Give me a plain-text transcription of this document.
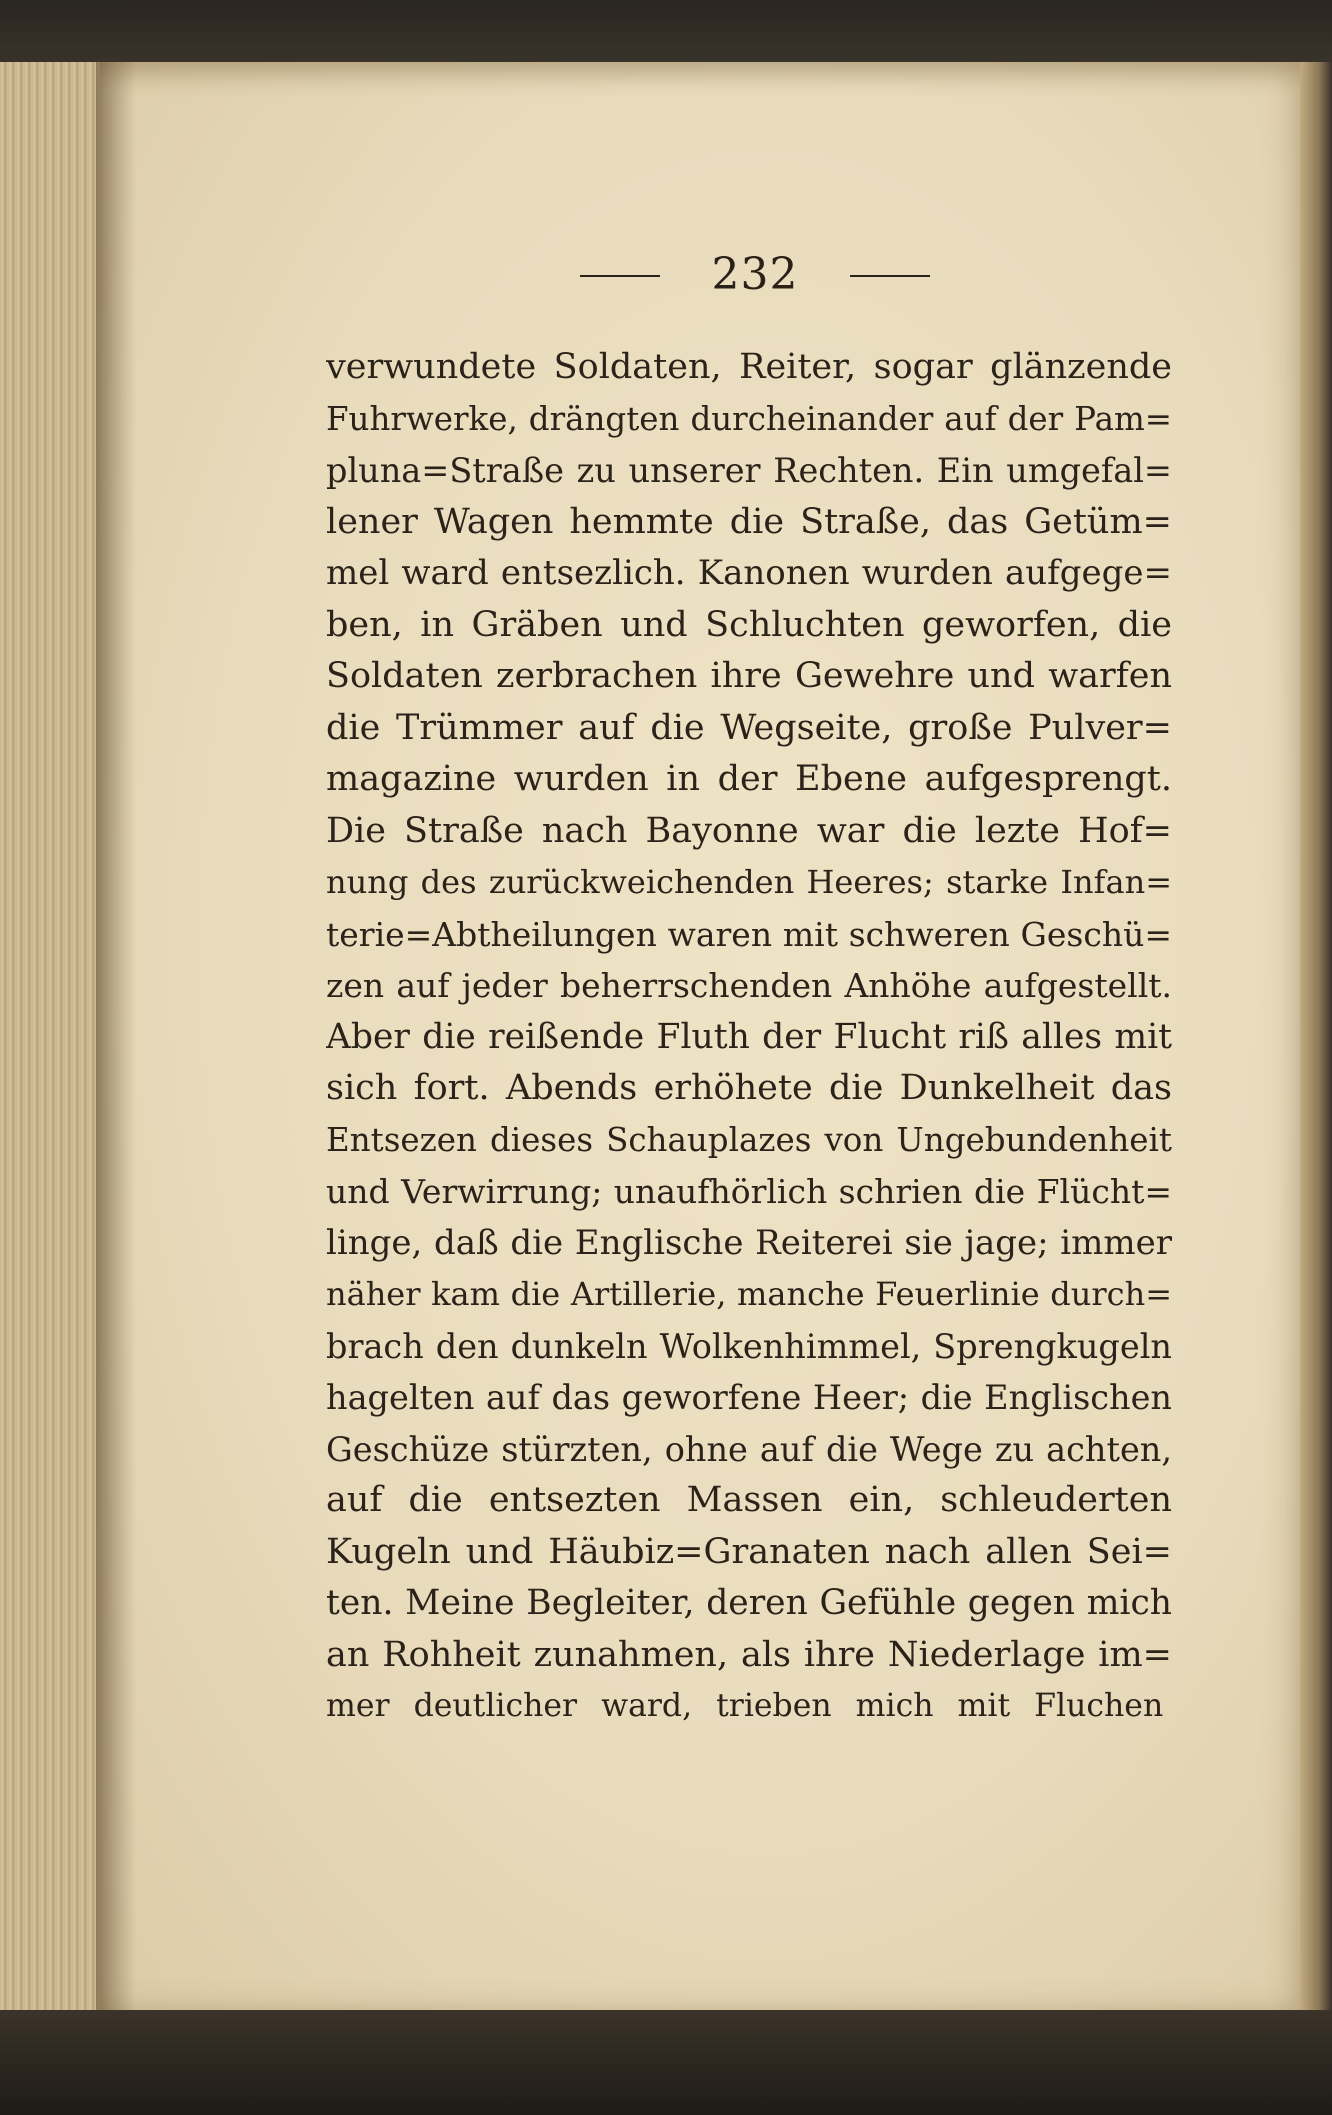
232
verwundete Soldaten, Reiter, sogar glänzende
Fuhrwerke, drängten durcheinander auf der Pam=
pluna=Straße zu unserer Rechten. Ein umgefal=
lener Wagen hemmte die Straße, das Getüm=
mel ward entsezlich. Kanonen wurden aufgege=
ben, in Gräben und Schluchten geworfen, die
Soldaten zerbrachen ihre Gewehre und warfen
die Trümmer auf die Wegseite, große Pulver=
magazine wurden in der Ebene aufgesprengt.
Die Straße nach Bayonne war die lezte Hof=
nung des zurückweichenden Heeres; starke Infan=
terie=Abtheilungen waren mit schweren Geschü=
zen auf jeder beherrschenden Anhöhe aufgestellt.
Aber die reißende Fluth der Flucht riß alles mit
sich fort. Abends erhöhete die Dunkelheit das
Entsezen dieses Schauplazes von Ungebundenheit
und Verwirrung; unaufhörlich schrien die Flücht=
linge, daß die Englische Reiterei sie jage; immer
näher kam die Artillerie, manche Feuerlinie durch=
brach den dunkeln Wolkenhimmel, Sprengkugeln
hagelten auf das geworfene Heer; die Englischen
Geschüze stürzten, ohne auf die Wege zu achten,
auf die entsezten Massen ein, schleuderten
Kugeln und Häubiz=Granaten nach allen Sei=
ten. Meine Begleiter, deren Gefühle gegen mich
an Rohheit zunahmen, als ihre Niederlage im=
mer deutlicher ward, trieben mich mit Fluchen
